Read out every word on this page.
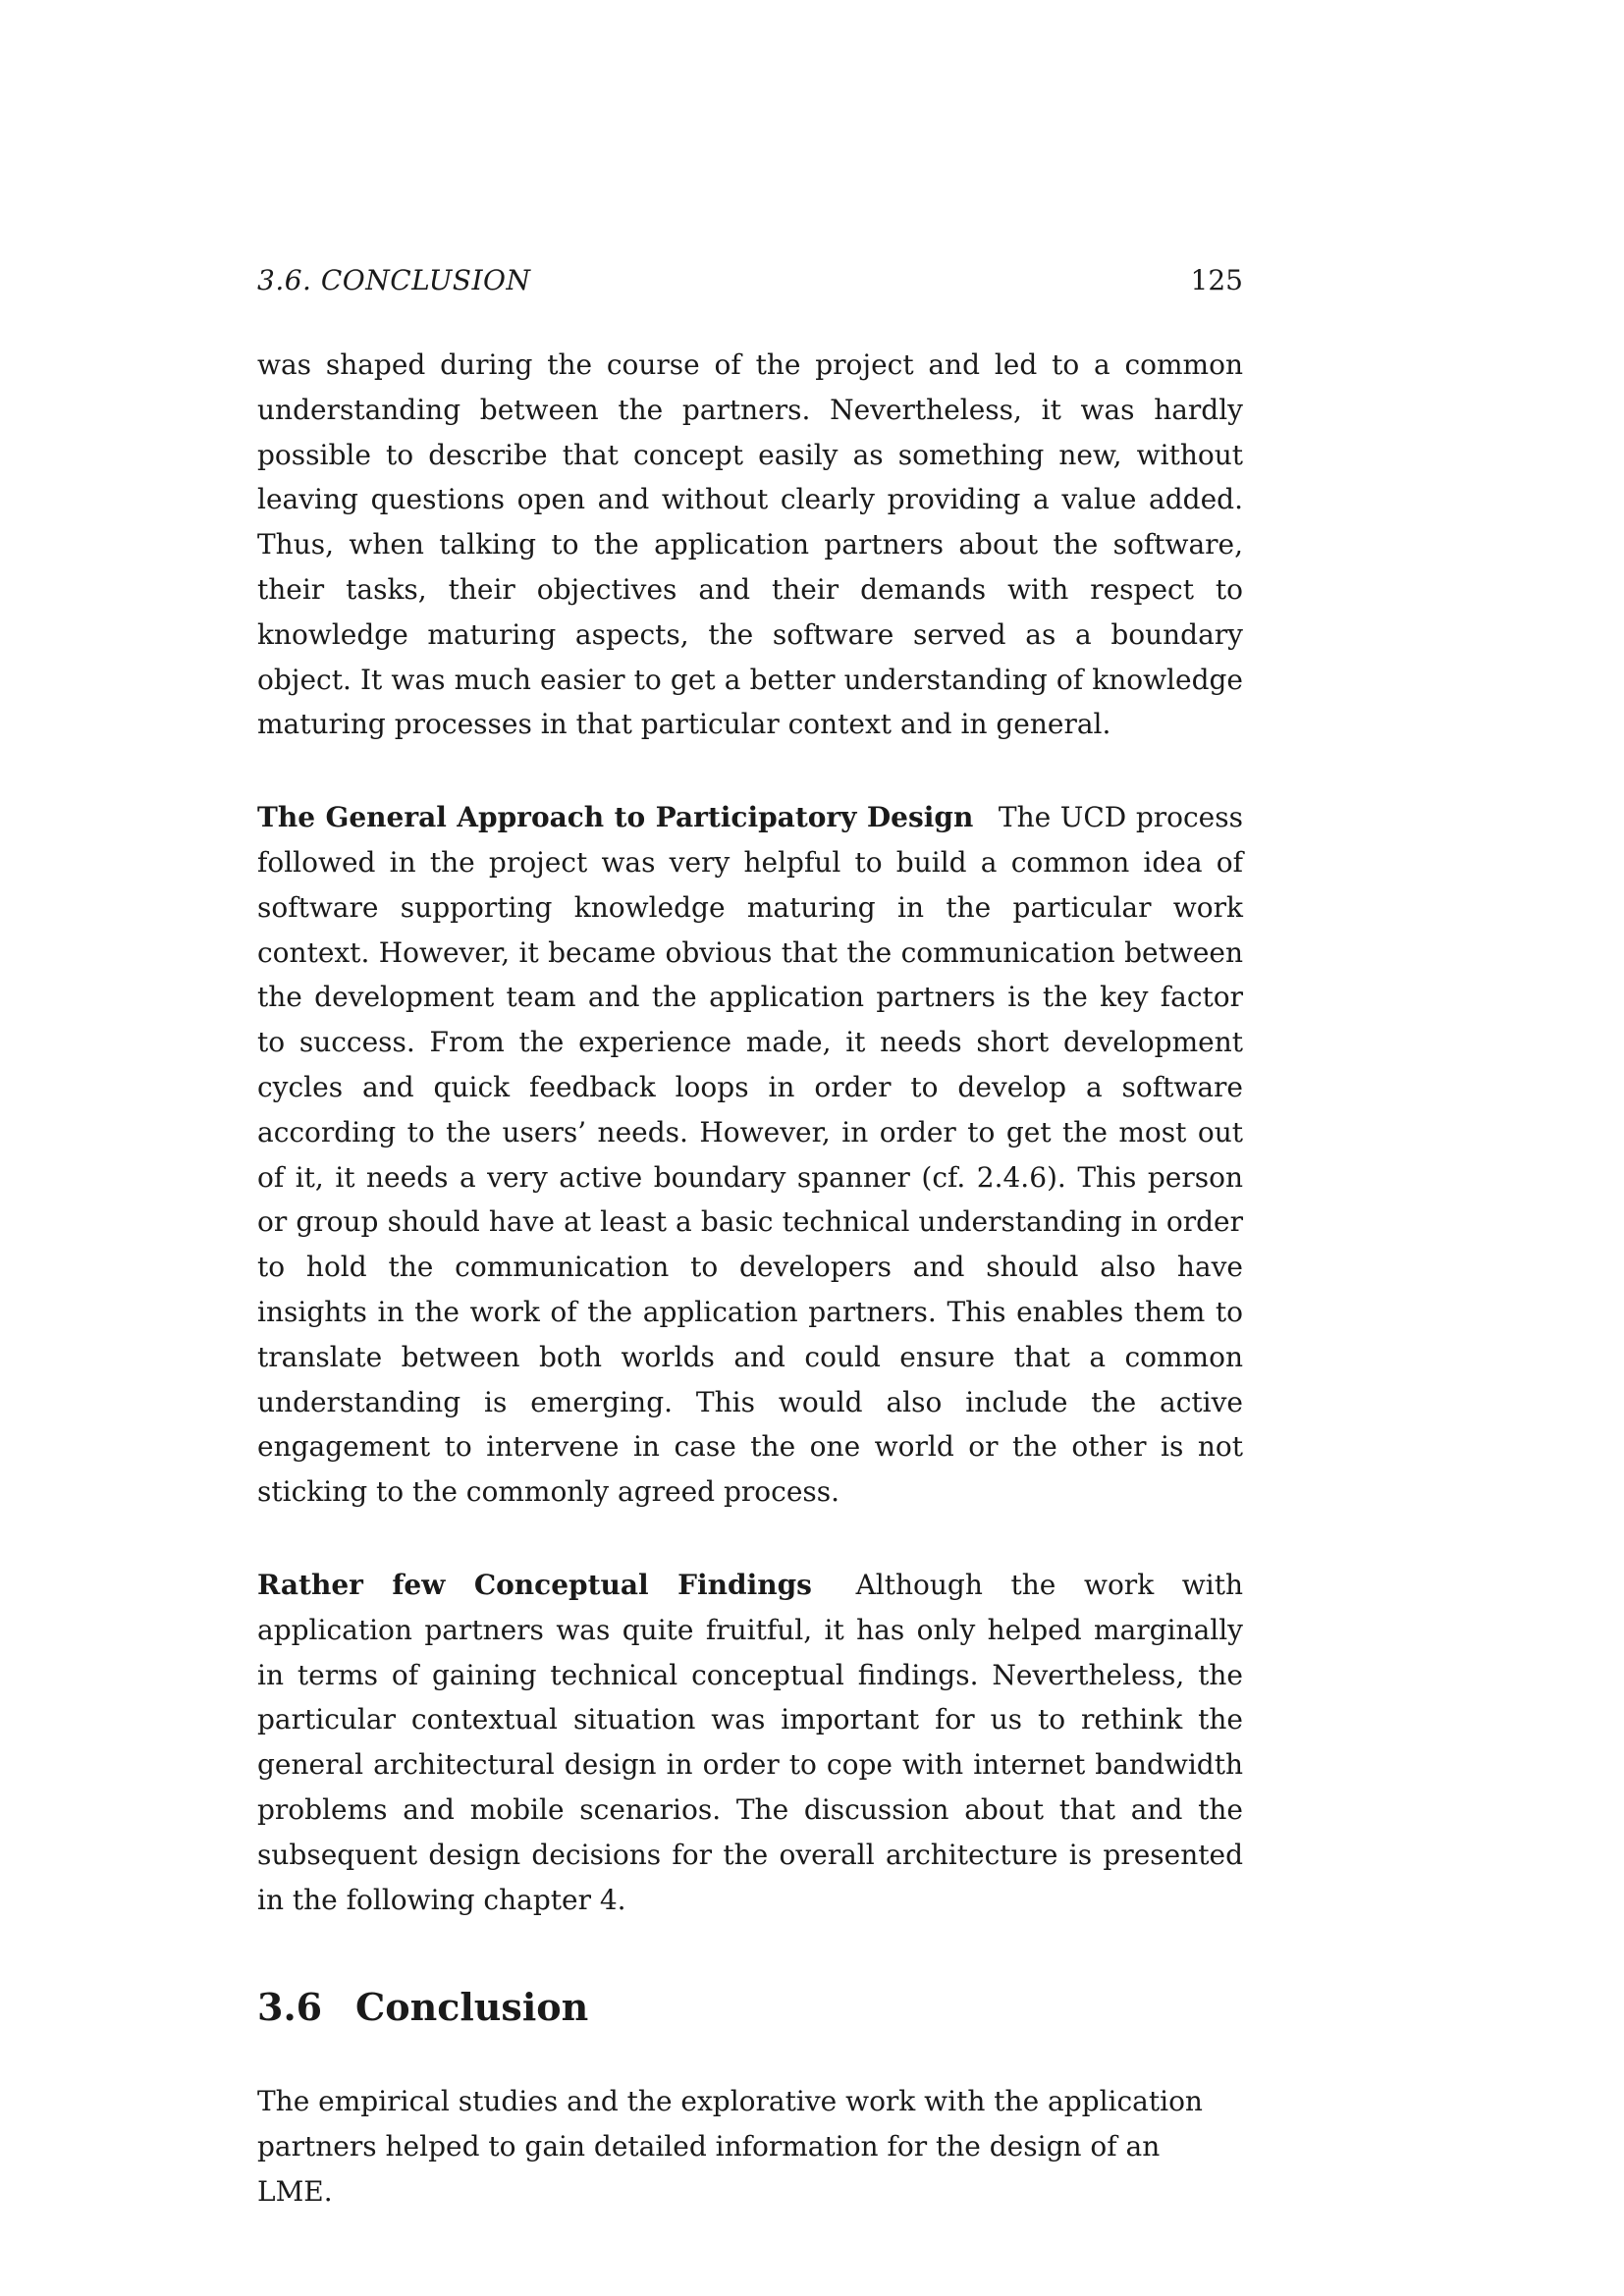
3.6. CONCLUSION	125

was shaped during the course of the project and led to a common understanding between the partners. Nevertheless, it was hardly possible to describe that concept easily as something new, without leaving questions open and without clearly providing a value added. Thus, when talking to the application partners about the software, their tasks, their objectives and their demands with respect to knowledge maturing aspects, the software served as a boundary object. It was much easier to get a better understanding of knowledge maturing processes in that particular context and in general.

The General Approach to Participatory Design The UCD process followed in the project was very helpful to build a common idea of software supporting knowledge maturing in the particular work context. However, it became obvious that the communication between the development team and the application partners is the key factor to success. From the experience made, it needs short development cycles and quick feedback loops in order to develop a software according to the users’ needs. However, in order to get the most out of it, it needs a very active boundary spanner (cf. 2.4.6). This person or group should have at least a basic technical understanding in order to hold the communication to developers and should also have insights in the work of the application partners. This enables them to translate between both worlds and could ensure that a common understanding is emerging. This would also include the active engagement to intervene in case the one world or the other is not sticking to the commonly agreed process.

Rather few Conceptual Findings Although the work with application partners was quite fruitful, it has only helped marginally in terms of gaining technical conceptual findings. Nevertheless, the particular contextual situation was important for us to rethink the general architectural design in order to cope with internet bandwidth problems and mobile scenarios. The discussion about that and the subsequent design decisions for the overall architecture is presented in the following chapter 4.

3.6 Conclusion

The empirical studies and the explorative work with the application partners helped to gain detailed information for the design of an LME.
